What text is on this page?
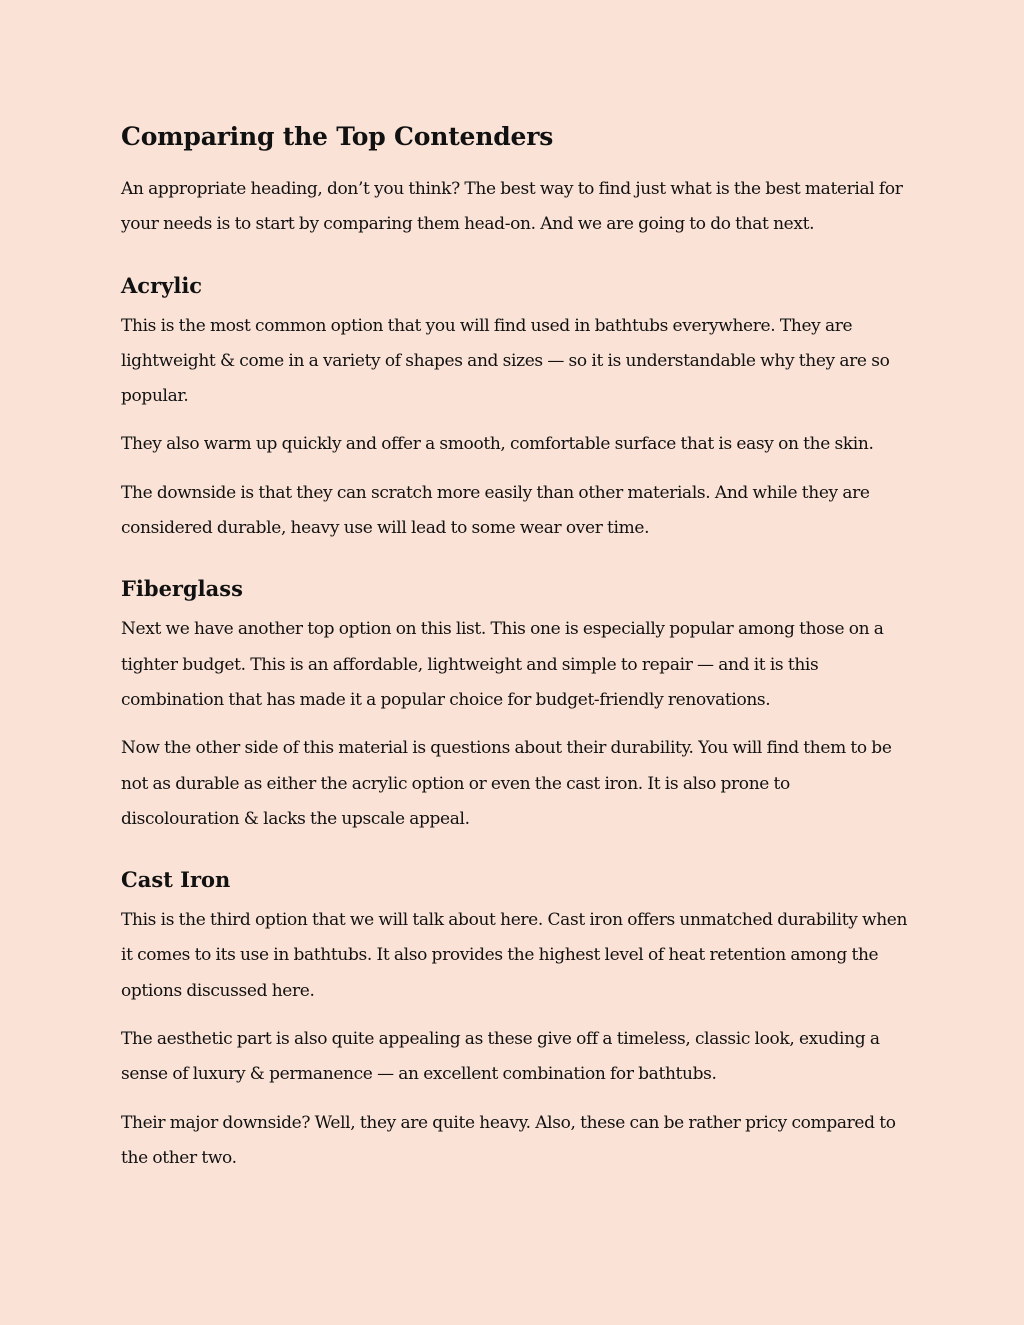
Comparing the Top Contenders

An appropriate heading, don’t you think? The best way to find just what is the best material for your needs is to start by comparing them head-on. And we are going to do that next.

Acrylic

This is the most common option that you will find used in bathtubs everywhere. They are lightweight & come in a variety of shapes and sizes — so it is understandable why they are so popular.

They also warm up quickly and offer a smooth, comfortable surface that is easy on the skin.

The downside is that they can scratch more easily than other materials. And while they are considered durable, heavy use will lead to some wear over time.

Fiberglass

Next we have another top option on this list. This one is especially popular among those on a tighter budget. This is an affordable, lightweight and simple to repair — and it is this combination that has made it a popular choice for budget-friendly renovations.

Now the other side of this material is questions about their durability. You will find them to be not as durable as either the acrylic option or even the cast iron. It is also prone to discolouration & lacks the upscale appeal.

Cast Iron

This is the third option that we will talk about here. Cast iron offers unmatched durability when it comes to its use in bathtubs. It also provides the highest level of heat retention among the options discussed here.

The aesthetic part is also quite appealing as these give off a timeless, classic look, exuding a sense of luxury & permanence — an excellent combination for bathtubs.

Their major downside? Well, they are quite heavy. Also, these can be rather pricy compared to the other two.
